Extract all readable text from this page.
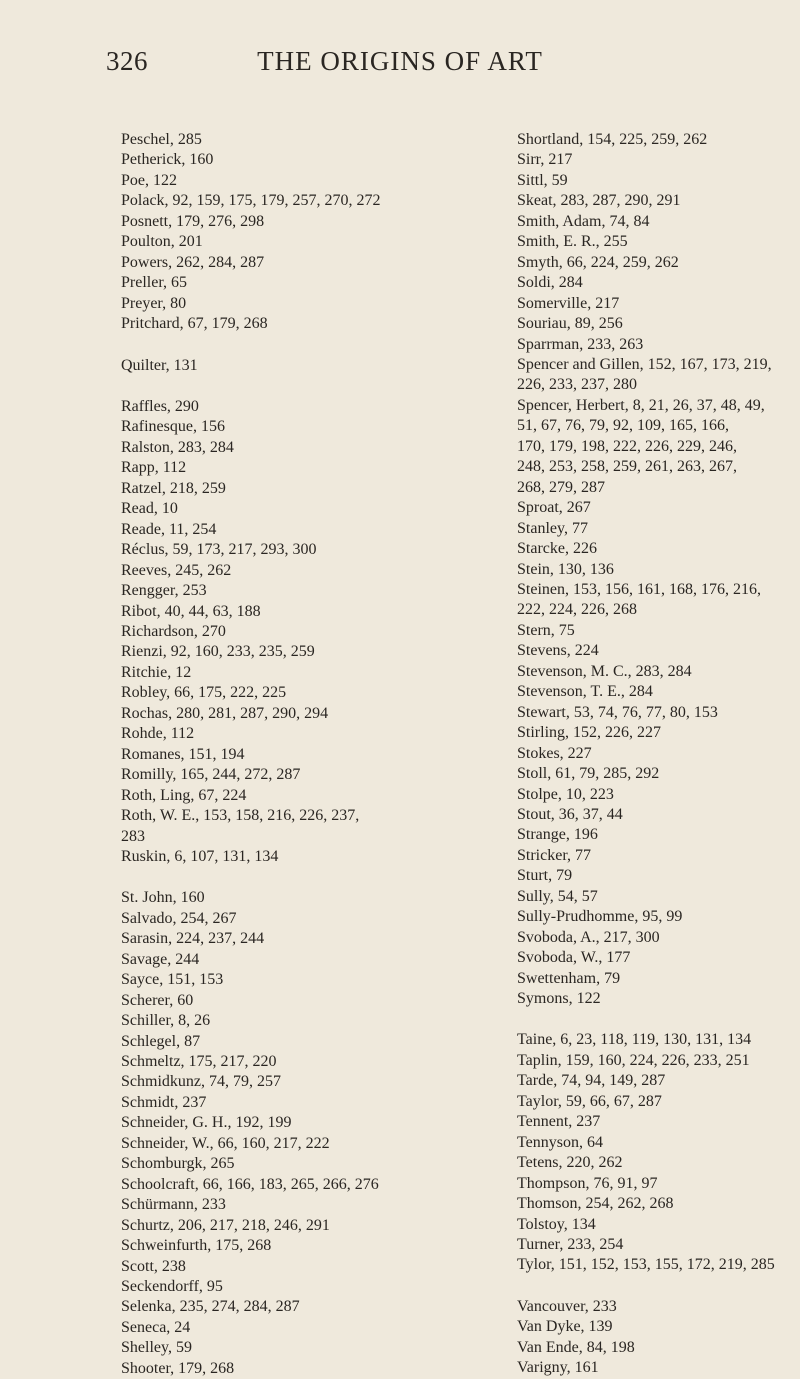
326	THE ORIGINS OF ART
Peschel, 285
Petherick, 160
Poe, 122
Polack, 92, 159, 175, 179, 257, 270, 272
Posnett, 179, 276, 298
Poulton, 201
Powers, 262, 284, 287
Preller, 65
Preyer, 80
Pritchard, 67, 179, 268
Quilter, 131
Raffles, 290
Rafinesque, 156
Ralston, 283, 284
Rapp, 112
Ratzel, 218, 259
Read, 10
Reade, 11, 254
Réclus, 59, 173, 217, 293, 300
Reeves, 245, 262
Rengger, 253
Ribot, 40, 44, 63, 188
Richardson, 270
Rienzi, 92, 160, 233, 235, 259
Ritchie, 12
Robley, 66, 175, 222, 225
Rochas, 280, 281, 287, 290, 294
Rohde, 112
Romanes, 151, 194
Romilly, 165, 244, 272, 287
Roth, Ling, 67, 224
Roth, W. E., 153, 158, 216, 226, 237,
283
Ruskin, 6, 107, 131, 134
St. John, 160
Salvado, 254, 267
Sarasin, 224, 237, 244
Savage, 244
Sayce, 151, 153
Scherer, 60
Schiller, 8, 26
Schlegel, 87
Schmeltz, 175, 217, 220
Schmidkunz, 74, 79, 257
Schmidt, 237
Schneider, G. H., 192, 199
Schneider, W., 66, 160, 217, 222
Schomburgk, 265
Schoolcraft, 66, 166, 183, 265, 266, 276
Schürmann, 233
Schurtz, 206, 217, 218, 246, 291
Schweinfurth, 175, 268
Scott, 238
Seckendorff, 95
Selenka, 235, 274, 284, 287
Seneca, 24
Shelley, 59
Shooter, 179, 268
Shortland, 154, 225, 259, 262
Sirr, 217
Sittl, 59
Skeat, 283, 287, 290, 291
Smith, Adam, 74, 84
Smith, E. R., 255
Smyth, 66, 224, 259, 262
Soldi, 284
Somerville, 217
Souriau, 89, 256
Sparrman, 233, 263
Spencer and Gillen, 152, 167, 173, 219,
226, 233, 237, 280
Spencer, Herbert, 8, 21, 26, 37, 48, 49,
51, 67, 76, 79, 92, 109, 165, 166,
170, 179, 198, 222, 226, 229, 246,
248, 253, 258, 259, 261, 263, 267,
268, 279, 287
Sproat, 267
Stanley, 77
Starcke, 226
Stein, 130, 136
Steinen, 153, 156, 161, 168, 176, 216,
222, 224, 226, 268
Stern, 75
Stevens, 224
Stevenson, M. C., 283, 284
Stevenson, T. E., 284
Stewart, 53, 74, 76, 77, 80, 153
Stirling, 152, 226, 227
Stokes, 227
Stoll, 61, 79, 285, 292
Stolpe, 10, 223
Stout, 36, 37, 44
Strange, 196
Stricker, 77
Sturt, 79
Sully, 54, 57
Sully-Prudhomme, 95, 99
Svoboda, A., 217, 300
Svoboda, W., 177
Swettenham, 79
Symons, 122
Taine, 6, 23, 118, 119, 130, 131, 134
Taplin, 159, 160, 224, 226, 233, 251
Tarde, 74, 94, 149, 287
Taylor, 59, 66, 67, 287
Tennent, 237
Tennyson, 64
Tetens, 220, 262
Thompson, 76, 91, 97
Thomson, 254, 262, 268
Tolstoy, 134
Turner, 233, 254
Tylor, 151, 152, 153, 155, 172, 219, 285
Vancouver, 233
Van Dyke, 139
Van Ende, 84, 198
Varigny, 161
